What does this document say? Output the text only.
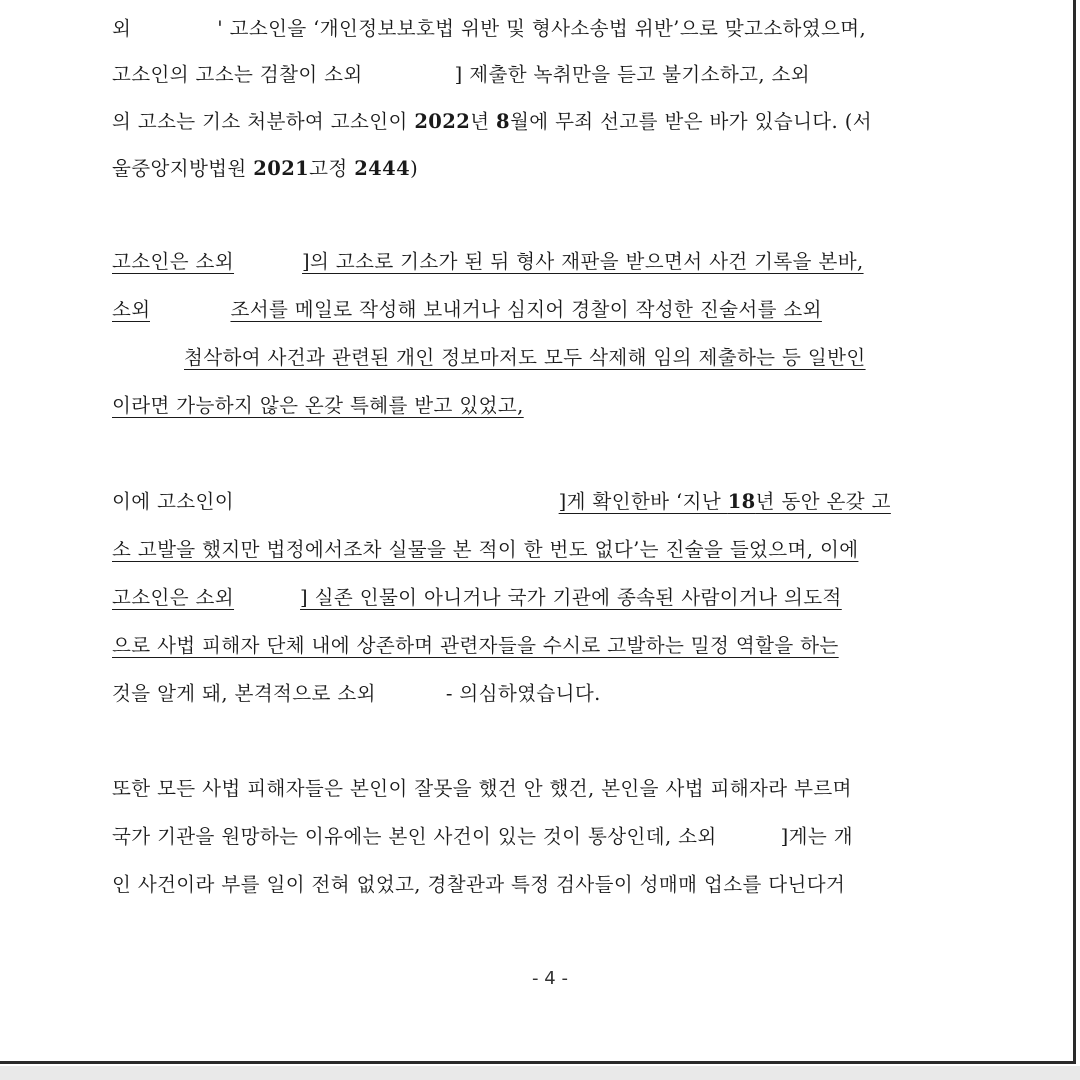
외	' 고소인을 ‘개인정보보호법 위반 및 형사소송법 위반’으로 맞고소하였으며,
고소인의 고소는 검찰이 소외	] 제출한 녹취만을 듣고 불기소하고, 소외
의 고소는 기소 처분하여 고소인이 2022년 8월에 무죄 선고를 받은 바가 있습니다. (서
울중앙지방법원 2021고정 2444)
고소인은 소외	]의 고소로 기소가 된 뒤 형사 재판을 받으면서 사건 기록을 본바,
소외	조서를 메일로 작성해 보내거나 심지어 경찰이 작성한 진술서를 소외
첨삭하여 사건과 관련된 개인 정보마저도 모두 삭제해 임의 제출하는 등 일반인
이라면 가능하지 않은 온갖 특혜를 받고 있었고,
이에 고소인이	]게 확인한바 ‘지난 18년 동안 온갖 고
소 고발을 했지만 법정에서조차 실물을 본 적이 한 번도 없다’는 진술을 들었으며, 이에
고소인은 소외	] 실존 인물이 아니거나 국가 기관에 종속된 사람이거나 의도적
으로 사법 피해자 단체 내에 상존하며 관련자들을 수시로 고발하는 밀정 역할을 하는
것을 알게 돼, 본격적으로 소외	- 의심하였습니다.
또한 모든 사법 피해자들은 본인이 잘못을 했건 안 했건, 본인을 사법 피해자라 부르며
국가 기관을 원망하는 이유에는 본인 사건이 있는 것이 통상인데, 소외	]게는 개
인 사건이라 부를 일이 전혀 없었고, 경찰관과 특정 검사들이 성매매 업소를 다닌다거
- 4 -
